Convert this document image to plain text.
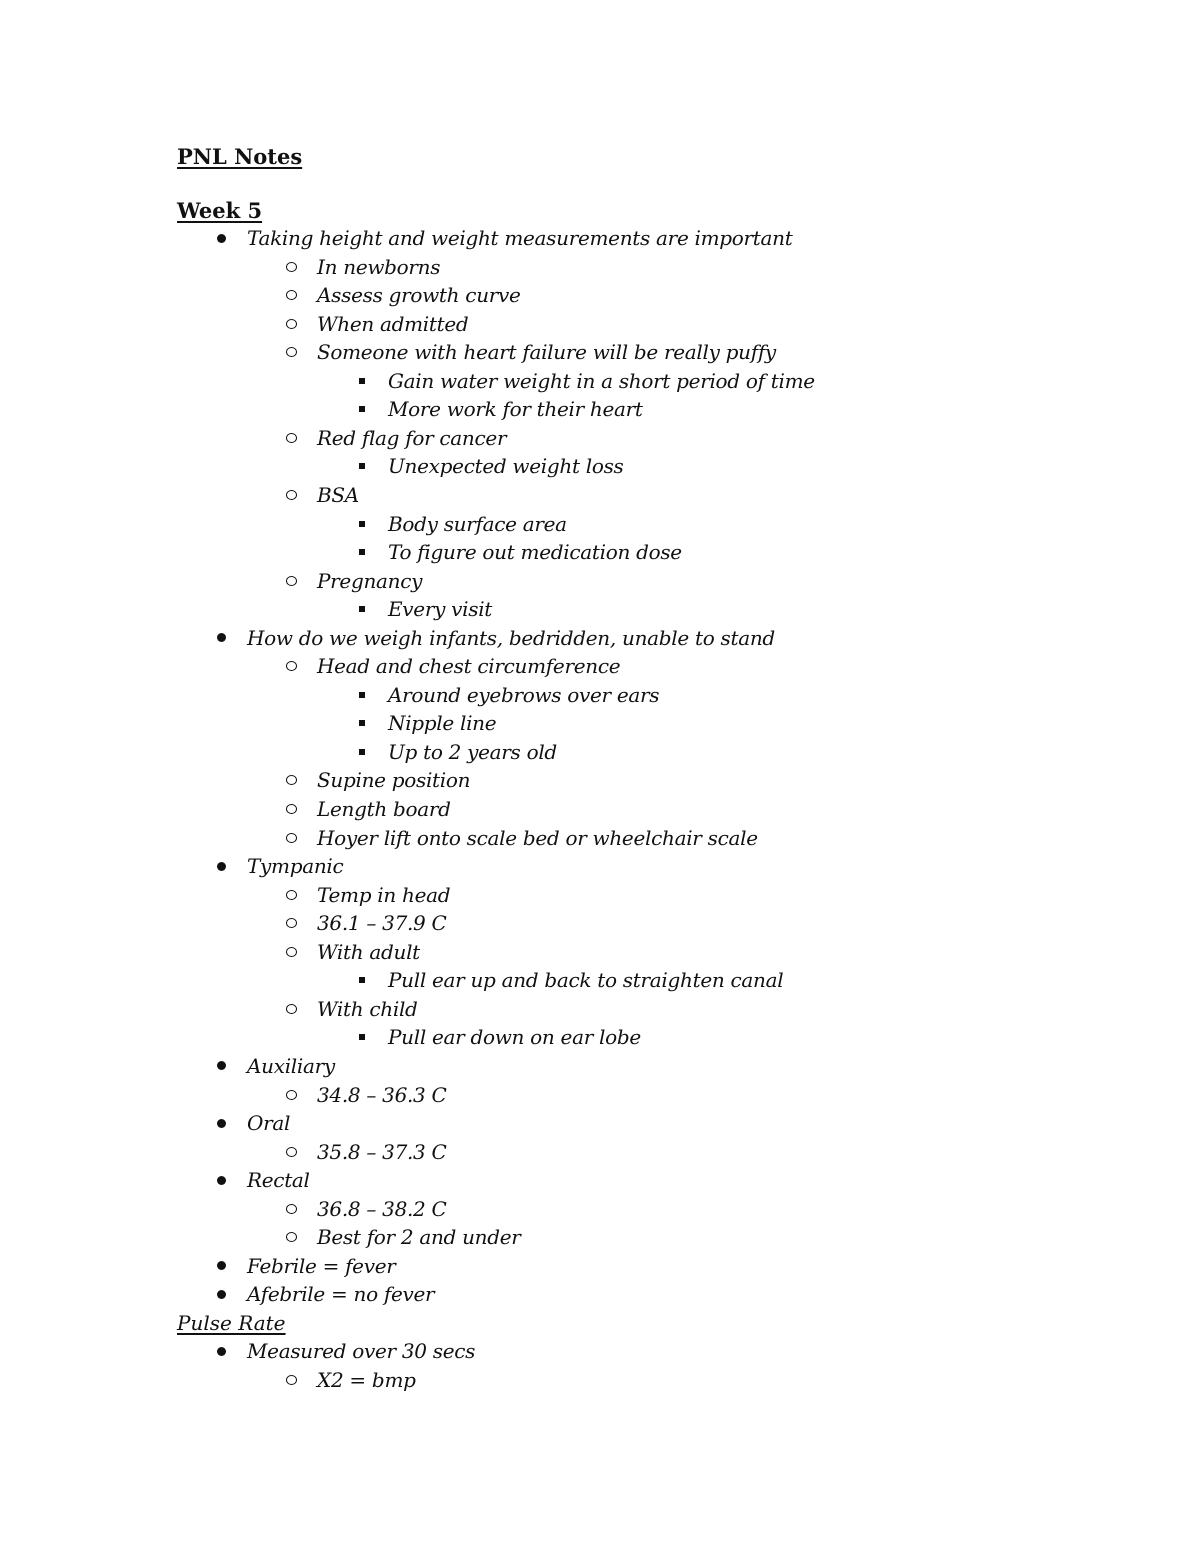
PNL Notes
Week 5
Taking height and weight measurements are important
In newborns
Assess growth curve
When admitted
Someone with heart failure will be really puffy
Gain water weight in a short period of time
More work for their heart
Red flag for cancer
Unexpected weight loss
BSA
Body surface area
To figure out medication dose
Pregnancy
Every visit
How do we weigh infants, bedridden, unable to stand
Head and chest circumference
Around eyebrows over ears
Nipple line
Up to 2 years old
Supine position
Length board
Hoyer lift onto scale bed or wheelchair scale
Tympanic
Temp in head
36.1 – 37.9 C
With adult
Pull ear up and back to straighten canal
With child
Pull ear down on ear lobe
Auxiliary
34.8 – 36.3 C
Oral
35.8 – 37.3 C
Rectal
36.8 – 38.2 C
Best for 2 and under
Febrile = fever
Afebrile = no fever
Pulse Rate
Measured over 30 secs
X2 = bmp
